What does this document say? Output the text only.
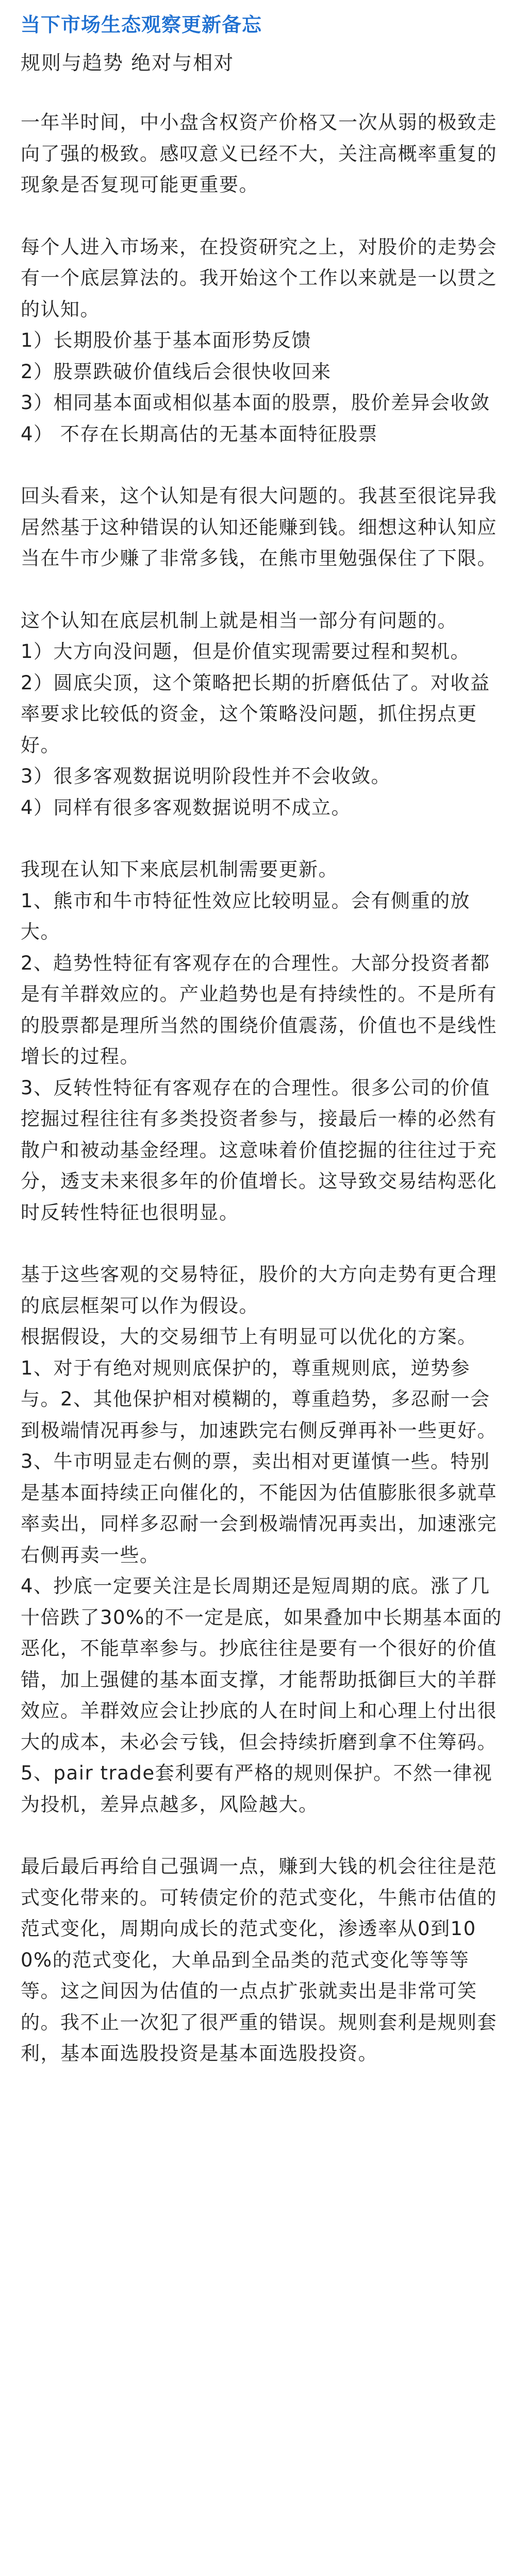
当下市场生态观察更新备忘
规则与趋势 绝对与相对

一年半时间，中小盘含权资产价格又一次从弱的极致走向了强的极致。感叹意义已经不大，关注高概率重复的现象是否复现可能更重要。

每个人进入市场来，在投资研究之上，对股价的走势会有一个底层算法的。我开始这个工作以来就是一以贯之的认知。
1）长期股价基于基本面形势反馈
2）股票跌破价值线后会很快收回来
3）相同基本面或相似基本面的股票，股价差异会收敛
4） 不存在长期高估的无基本面特征股票

回头看来，这个认知是有很大问题的。我甚至很诧异我居然基于这种错误的认知还能赚到钱。细想这种认知应当在牛市少赚了非常多钱，在熊市里勉强保住了下限。

这个认知在底层机制上就是相当一部分有问题的。
1）大方向没问题，但是价值实现需要过程和契机。
2）圆底尖顶，这个策略把长期的折磨低估了。对收益率要求比较低的资金，这个策略没问题，抓住拐点更好。
3）很多客观数据说明阶段性并不会收敛。
4）同样有很多客观数据说明不成立。

我现在认知下来底层机制需要更新。
1、熊市和牛市特征性效应比较明显。会有侧重的放大。
2、趋势性特征有客观存在的合理性。大部分投资者都是有羊群效应的。产业趋势也是有持续性的。不是所有的股票都是理所当然的围绕价值震荡，价值也不是线性增长的过程。
3、反转性特征有客观存在的合理性。很多公司的价值挖掘过程往往有多类投资者参与，接最后一棒的必然有散户和被动基金经理。这意味着价值挖掘的往往过于充分，透支未来很多年的价值增长。这导致交易结构恶化时反转性特征也很明显。

基于这些客观的交易特征，股价的大方向走势有更合理的底层框架可以作为假设。
根据假设，大的交易细节上有明显可以优化的方案。
1、对于有绝对规则底保护的，尊重规则底，逆势参与。2、其他保护相对模糊的，尊重趋势，多忍耐一会到极端情况再参与，加速跌完右侧反弹再补一些更好。
3、牛市明显走右侧的票，卖出相对更谨慎一些。特别是基本面持续正向催化的，不能因为估值膨胀很多就草率卖出，同样多忍耐一会到极端情况再卖出，加速涨完右侧再卖一些。
4、抄底一定要关注是长周期还是短周期的底。涨了几十倍跌了30%的不一定是底，如果叠加中长期基本面的恶化，不能草率参与。抄底往往是要有一个很好的价值错，加上强健的基本面支撑，才能帮助抵御巨大的羊群效应。羊群效应会让抄底的人在时间上和心理上付出很大的成本，未必会亏钱，但会持续折磨到拿不住筹码。
5、pair trade套利要有严格的规则保护。不然一律视为投机，差异点越多，风险越大。

最后最后再给自己强调一点，赚到大钱的机会往往是范式变化带来的。可转债定价的范式变化，牛熊市估值的范式变化，周期向成长的范式变化，渗透率从0到100%的范式变化，大单品到全品类的范式变化等等等等。这之间因为估值的一点点扩张就卖出是非常可笑的。我不止一次犯了很严重的错误。规则套利是规则套利，基本面选股投资是基本面选股投资。
